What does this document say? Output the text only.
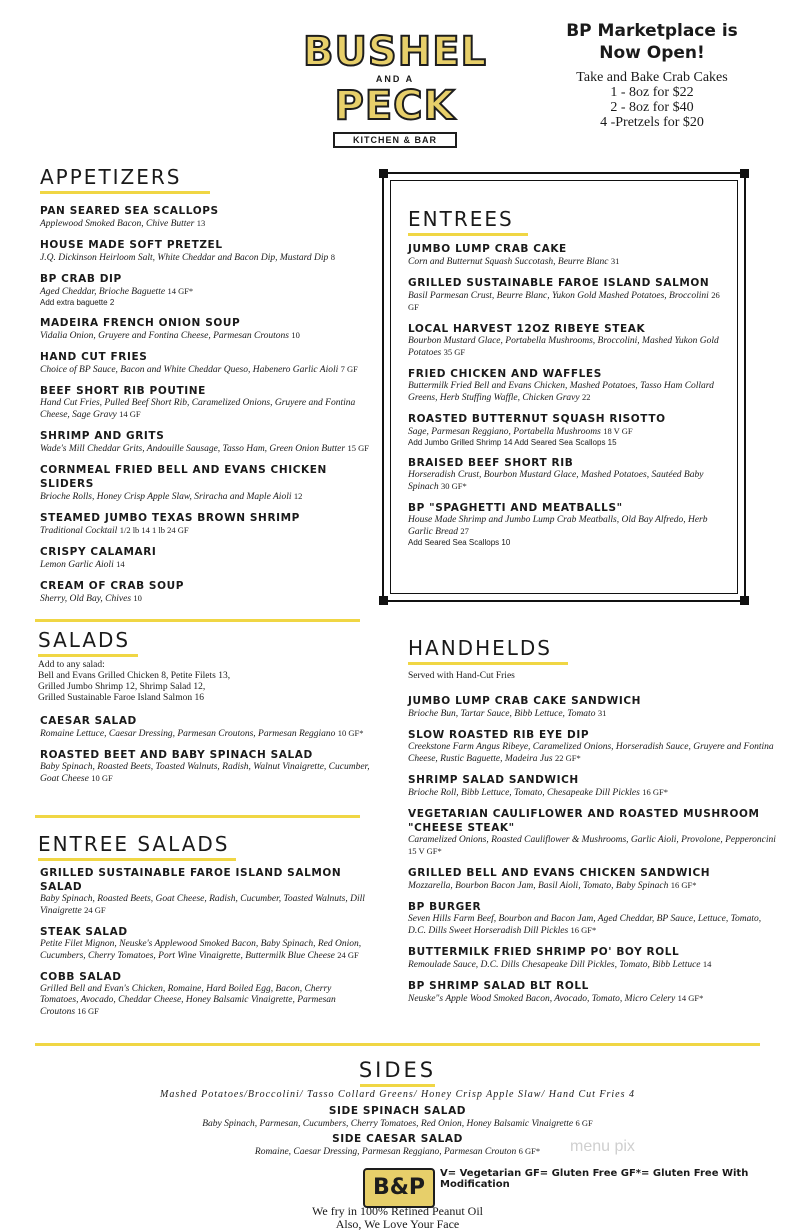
BUSHEL
AND A
PECK
KITCHEN & BAR
BP Marketplace is
Now Open!
Take and Bake Crab Cakes
1 - 8oz for $22
2 - 8oz for $40
4 -Pretzels for $20
APPETIZERS
PAN SEARED SEA SCALLOPS
Applewood Smoked Bacon, Chive Butter 13
HOUSE MADE SOFT PRETZEL
J.Q. Dickinson Heirloom Salt, White Cheddar and Bacon Dip, Mustard Dip 8
BP CRAB DIP
Aged Cheddar, Brioche Baguette 14 GF*
Add extra baguette 2
MADEIRA FRENCH ONION SOUP
Vidalia Onion, Gruyere and Fontina Cheese, Parmesan Croutons 10
HAND CUT FRIES
Choice of BP Sauce, Bacon and White Cheddar Queso, Habenero Garlic Aioli 7 GF
BEEF SHORT RIB POUTINE
Hand Cut Fries, Pulled Beef Short Rib, Caramelized Onions, Gruyere and Fontina Cheese, Sage Gravy 14 GF
SHRIMP AND GRITS
Wade's Mill Cheddar Grits, Andouille Sausage, Tasso Ham, Green Onion Butter 15 GF
CORNMEAL FRIED BELL AND EVANS CHICKEN SLIDERS
Brioche Rolls, Honey Crisp Apple Slaw, Sriracha and Maple Aioli 12
STEAMED JUMBO TEXAS BROWN SHRIMP
Traditional Cocktail 1/2 lb 14 1 lb 24 GF
CRISPY CALAMARI
Lemon Garlic Aioli 14
CREAM OF CRAB SOUP
Sherry, Old Bay, Chives 10
ENTREES
JUMBO LUMP CRAB CAKE
Corn and Butternut Squash Succotash, Beurre Blanc 31
GRILLED SUSTAINABLE FAROE ISLAND SALMON
Basil Parmesan Crust, Beurre Blanc, Yukon Gold Mashed Potatoes, Broccolini 26 GF
LOCAL HARVEST 12OZ RIBEYE STEAK
Bourbon Mustard Glace, Portabella Mushrooms, Broccolini, Mashed Yukon Gold Potatoes 35 GF
FRIED CHICKEN AND WAFFLES
Buttermilk Fried Bell and Evans Chicken, Mashed Potatoes, Tasso Ham Collard Greens, Herb Stuffing Waffle, Chicken Gravy 22
ROASTED BUTTERNUT SQUASH RISOTTO
Sage, Parmesan Reggiano, Portabella Mushrooms 18 V GF
Add Jumbo Grilled Shrimp 14 Add Seared Sea Scallops 15
BRAISED BEEF SHORT RIB
Horseradish Crust, Bourbon Mustard Glace, Mashed Potatoes, Sautéed Baby Spinach 30 GF*
BP "SPAGHETTI AND MEATBALLS"
House Made Shrimp and Jumbo Lump Crab Meatballs, Old Bay Alfredo, Herb Garlic Bread 27
Add Seared Sea Scallops 10
SALADS
Add to any salad:
Bell and Evans Grilled Chicken 8, Petite Filets 13,
Grilled Jumbo Shrimp 12, Shrimp Salad 12,
Grilled Sustainable Faroe Island Salmon 16
CAESAR SALAD
Romaine Lettuce, Caesar Dressing, Parmesan Croutons, Parmesan Reggiano 10 GF*
ROASTED BEET AND BABY SPINACH SALAD
Baby Spinach, Roasted Beets, Toasted Walnuts, Radish, Walnut Vinaigrette, Cucumber, Goat Cheese 10 GF
ENTREE SALADS
GRILLED SUSTAINABLE FAROE ISLAND SALMON SALAD
Baby Spinach, Roasted Beets, Goat Cheese, Radish, Cucumber, Toasted Walnuts, Dill Vinaigrette 24 GF
STEAK SALAD
Petite Filet Mignon, Neuske's Applewood Smoked Bacon, Baby Spinach, Red Onion, Cucumbers, Cherry Tomatoes, Port Wine Vinaigrette, Buttermilk Blue Cheese 24 GF
COBB SALAD
Grilled Bell and Evan's Chicken, Romaine, Hard Boiled Egg, Bacon, Cherry Tomatoes, Avocado, Cheddar Cheese, Honey Balsamic Vinaigrette, Parmesan Croutons 16 GF
HANDHELDS
Served with Hand-Cut Fries
JUMBO LUMP CRAB CAKE SANDWICH
Brioche Bun, Tartar Sauce, Bibb Lettuce, Tomato 31
SLOW ROASTED RIB EYE DIP
Creekstone Farm Angus Ribeye, Caramelized Onions, Horseradish Sauce, Gruyere and Fontina Cheese, Rustic Baguette, Madeira Jus 22 GF*
SHRIMP SALAD SANDWICH
Brioche Roll, Bibb Lettuce, Tomato, Chesapeake Dill Pickles 16 GF*
VEGETARIAN CAULIFLOWER AND ROASTED MUSHROOM "CHEESE STEAK"
Caramelized Onions, Roasted Cauliflower & Mushrooms, Garlic Aioli, Provolone, Pepperoncini 15 V GF*
GRILLED BELL AND EVANS CHICKEN SANDWICH
Mozzarella, Bourbon Bacon Jam, Basil Aioli, Tomato, Baby Spinach 16 GF*
BP BURGER
Seven Hills Farm Beef, Bourbon and Bacon Jam, Aged Cheddar, BP Sauce, Lettuce, Tomato, D.C. Dills Sweet Horseradish Dill Pickles 16 GF*
BUTTERMILK FRIED SHRIMP PO' BOY ROLL
Remoulade Sauce, D.C. Dills Chesapeake Dill Pickles, Tomato, Bibb Lettuce 14
BP SHRIMP SALAD BLT ROLL
Neuske"s Apple Wood Smoked Bacon, Avocado, Tomato, Micro Celery 14 GF*
SIDES
Mashed Potatoes/Broccolini/ Tasso Collard Greens/ Honey Crisp Apple Slaw/ Hand Cut Fries 4
SIDE SPINACH SALAD
Baby Spinach, Parmesan, Cucumbers, Cherry Tomatoes, Red Onion, Honey Balsamic Vinaigrette 6 GF
SIDE CAESAR SALAD
Romaine, Caesar Dressing, Parmesan Reggiano, Parmesan Crouton 6 GF*	menu pix
B&P
V= Vegetarian GF= Gluten Free GF*= Gluten Free With Modification
We fry in 100% Refined Peanut Oil
Also, We Love Your Face
